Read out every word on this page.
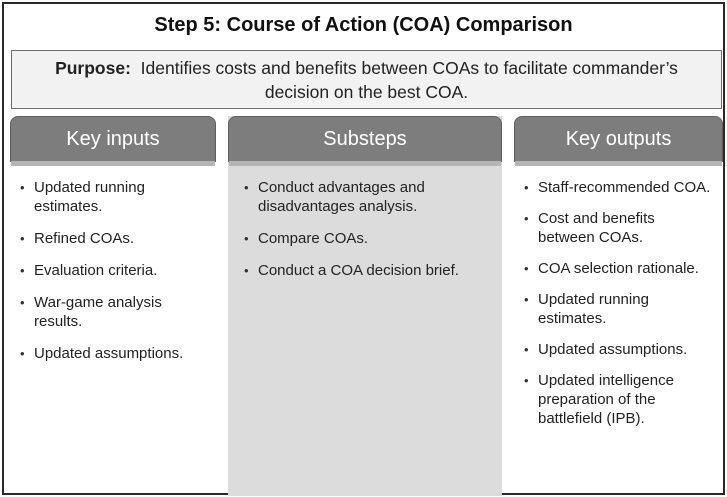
Step 5: Course of Action (COA) Comparison
Purpose: Identifies costs and benefits between COAs to facilitate commander’s decision on the best COA.
Key inputs
• Updated running estimates.
• Refined COAs.
• Evaluation criteria.
• War-game analysis results.
• Updated assumptions.
Substeps
• Conduct advantages and disadvantages analysis.
• Compare COAs.
• Conduct a COA decision brief.
Key outputs
• Staff-recommended COA.
• Cost and benefits between COAs.
• COA selection rationale.
• Updated running estimates.
• Updated assumptions.
• Updated intelligence preparation of the battlefield (IPB).
